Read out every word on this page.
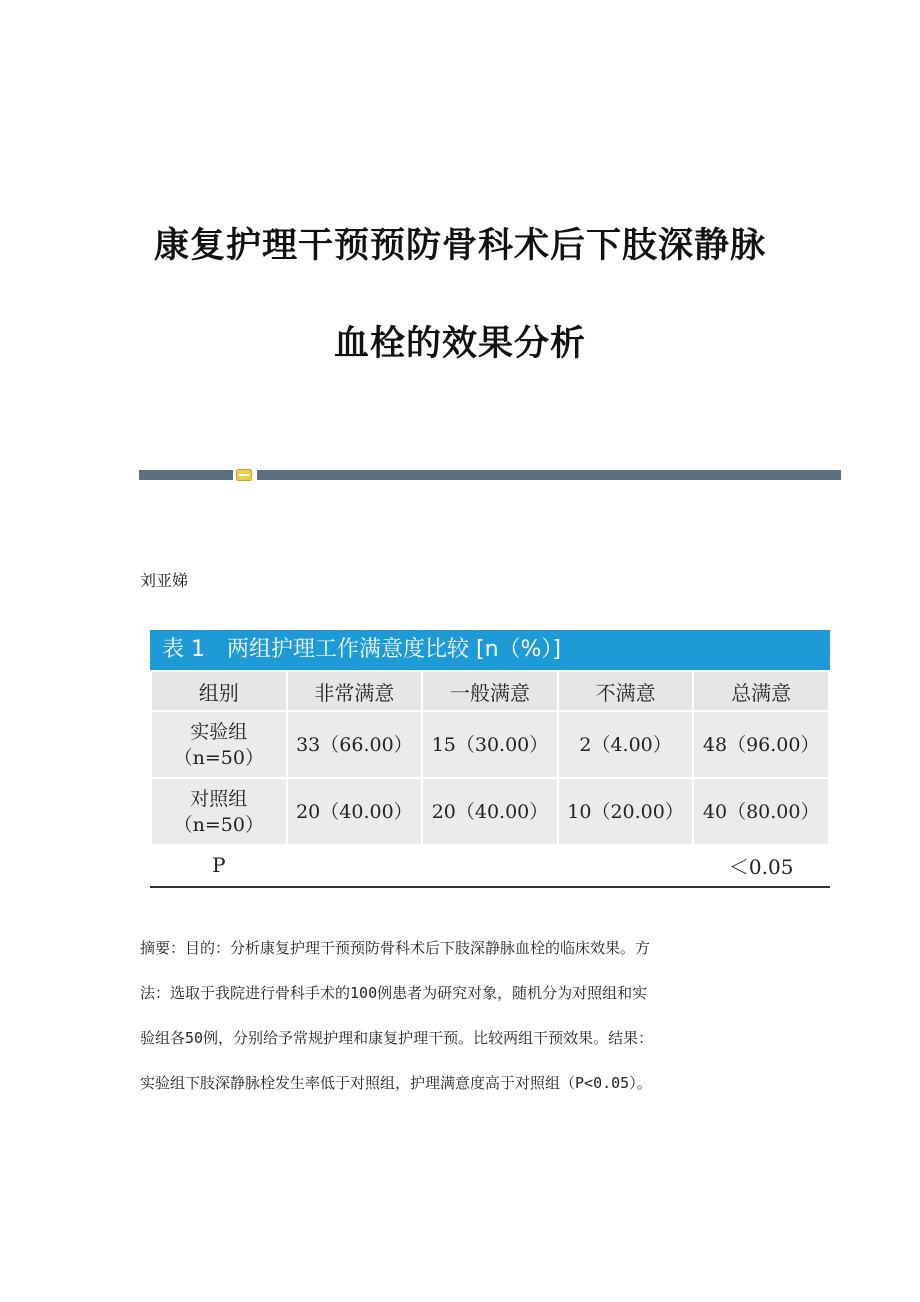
康复护理干预预防骨科术后下肢深静脉
血栓的效果分析
刘亚娣
表 1 两组护理工作满意度比较 [n（%）]
组别	非常满意	一般满意	不满意	总满意

实验组
（n=50）	33（66.00）	15（30.00）	2（4.00）	48（96.00）

对照组
（n=50）	20（40.00）	20（40.00）	10（20.00）	40（80.00）
P				＜0.05
摘要：目的：分析康复护理干预预防骨科术后下肢深静脉血栓的临床效果。方
法：选取于我院进行骨科手术的100例患者为研究对象，随机分为对照组和实
验组各50例，分别给予常规护理和康复护理干预。比较两组干预效果。结果：
实验组下肢深静脉栓发生率低于对照组，护理满意度高于对照组（P<0.05）。
